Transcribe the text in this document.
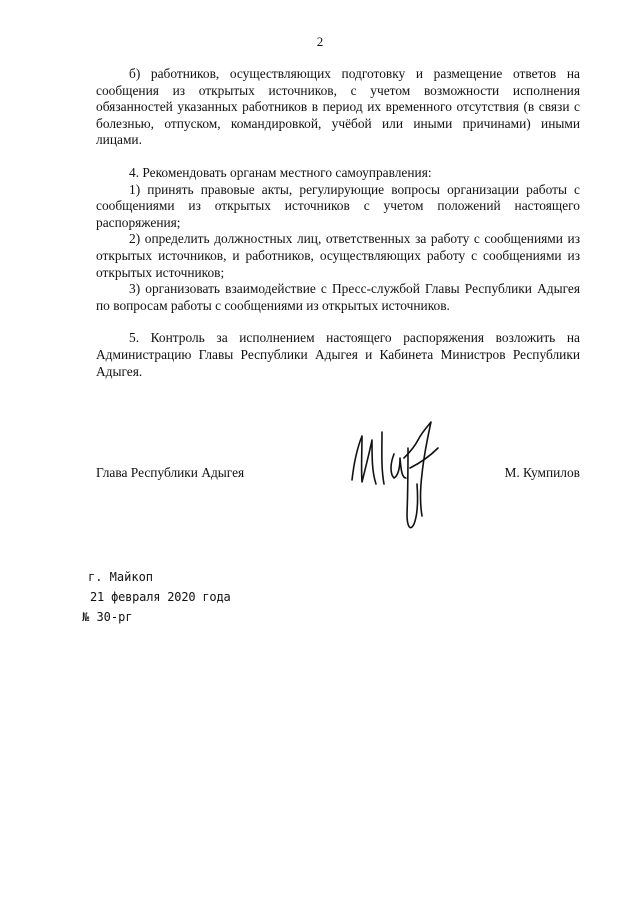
2

б) работников, осуществляющих подготовку и размещение ответов на сообщения из открытых источников, с учетом возможности исполнения обязанностей указанных работников в период их временного отсутствия (в связи с болезнью, отпуском, командировкой, учёбой или иными причинами) иными лицами.

4. Рекомендовать органам местного самоуправления:

1) принять правовые акты, регулирующие вопросы организации работы с сообщениями из открытых источников с учетом положений настоящего распоряжения;

2) определить должностных лиц, ответственных за работу с сообщениями из открытых источников, и работников, осуществляющих работу с сообщениями из открытых источников;

3) организовать взаимодействие с Пресс-службой Главы Республики Адыгея по вопросам работы с сообщениями из открытых источников.

5. Контроль за исполнением настоящего распоряжения возложить на Администрацию Главы Республики Адыгея и Кабинета Министров Республики Адыгея.

Глава Республики Адыгея	М. Кумпилов
г. Майкоп
21 февраля 2020 года
№ 30-рг
